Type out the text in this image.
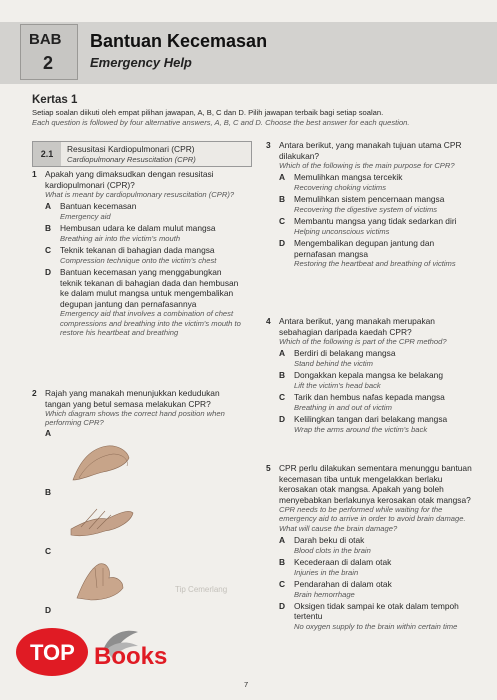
BAB
2
Bantuan Kecemasan
Emergency Help
Kertas 1
Setiap soalan diikuti oleh empat pilihan jawapan, A, B, C dan D. Pilih jawapan terbaik bagi setiap soalan.
Each question is followed by four alternative answers, A, B, C and D. Choose the best answer for each question.
2.1	Resusitasi Kardiopulmonari (CPR)
Cardiopulmonary Resuscitation (CPR)
1 Apakah yang dimaksudkan dengan resusitasi kardiopulmonari (CPR)?
What is meant by cardiopulmonary resuscitation (CPR)?
A Bantuan kecemasan
Emergency aid
B Hembusan udara ke dalam mulut mangsa
Breathing air into the victim's mouth
C Teknik tekanan di bahagian dada mangsa
Compression technique onto the victim's chest
D Bantuan kecemasan yang menggabungkan teknik tekanan di bahagian dada dan hembusan ke dalam mulut mangsa untuk mengembalikan degupan jantung dan pernafasannya
Emergency aid that involves a combination of chest compressions and breathing into the victim's mouth to restore his heartbeat and breathing
2 Rajah yang manakah menunjukkan kedudukan tangan yang betul semasa melakukan CPR?
Which diagram shows the correct hand position when performing CPR?
A
B
C
D
3 Antara berikut, yang manakah tujuan utama CPR dilakukan?
Which of the following is the main purpose for CPR?
A Memulihkan mangsa tercekik
Recovering choking victims
B Memulihkan sistem pencernaan mangsa
Recovering the digestive system of victims
C Membantu mangsa yang tidak sedarkan diri
Helping unconscious victims
D Mengembalikan degupan jantung dan pernafasan mangsa
Restoring the heartbeat and breathing of victims
4 Antara berikut, yang manakah merupakan sebahagian daripada kaedah CPR?
Which of the following is part of the CPR method?
A Berdiri di belakang mangsa
Stand behind the victim
B Dongakkan kepala mangsa ke belakang
Lift the victim's head back
C Tarik dan hembus nafas kepada mangsa
Breathing in and out of victim
D Kelilingkan tangan dari belakang mangsa
Wrap the arms around the victim's back
5 CPR perlu dilakukan sementara menunggu bantuan kecemasan tiba untuk mengelakkan berlaku kerosakan otak mangsa. Apakah yang boleh menyebabkan berlakunya kerosakan otak mangsa?
CPR needs to be performed while waiting for the emergency aid to arrive in order to avoid brain damage. What will cause the brain damage?
A Darah beku di otak
Blood clots in the brain
B Kecederaan di dalam otak
Injuries in the brain
C Pendarahan di dalam otak
Brain hemorrhage
D Oksigen tidak sampai ke otak dalam tempoh tertentu
No oxygen supply to the brain within certain time
Tip Cemerlang
TOP Books
7
